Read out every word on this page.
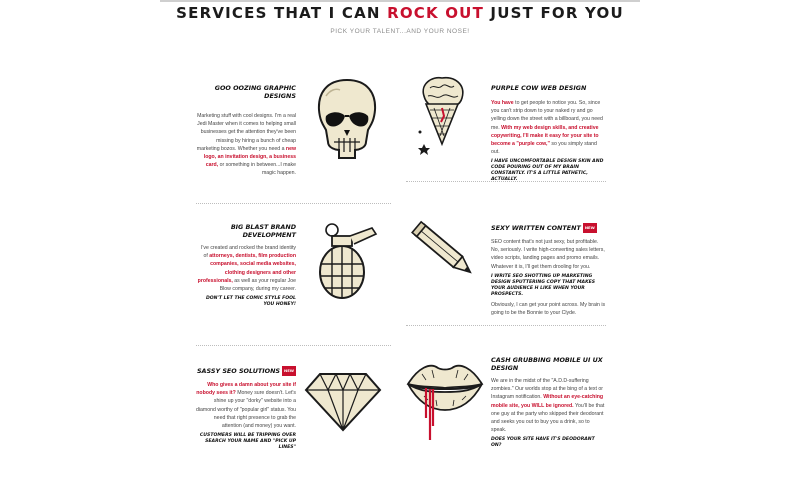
SERVICES THAT I CAN ROCK OUT JUST FOR YOU
PICK YOUR TALENT...AND YOUR NOSE!
GOO OOZING GRAPHIC DESIGNS

Marketing stuff with cool designs. I'm a real Jedi Master when it comes to helping small businesses get the attention they've been missing by hiring a bunch of cheap marketing bozos. Whether you need a new logo, an invitation design, a business card, or something in between...I make magic happen.

PURPLE COW WEB DESIGN

You have to get people to notice you. So, since you can't strip down to your naked ry and go yelling down the street with a billboard, you need me. With my web design skills, and creative copywriting, I'll make it easy for your site to become a "purple cow," so you simply stand out.

I HAVE UNCOMFORTABLE DESIGN SKIN AND CODE POURING OUT OF MY BRAIN CONSTANTLY. IT'S A LITTLE PATHETIC, ACTUALLY.
BIG BLAST BRAND DEVELOPMENT

I've created and rocked the brand identity of attorneys, dentists, film production companies, social media websites, clothing designers and other professionals, as well as your regular Joe Blow company, during my career.

DON'T LET THE COMIC STYLE FOOL YOU HONEY!
SEXY WRITTEN CONTENT NEW

SEO content that's not just sexy, but profitable. No, seriously. I write high-converting sales letters, video scripts, landing pages and promo emails. Whatever it is, I'll get them drooling for you.

I WRITE SEO SHOTTING UP MARKETING DESIGN SPUTTERING COPY THAT MAKES YOUR AUDIENCE H LIKE WHEN YOUR PROSPECTS.

Obviously, I can get your point across. My brain is going to be the Bonnie to your Clyde.

SASSY SEO SOLUTIONS NEW

Who gives a damn about your site if nobody sees it? Money sure doesn't. Let's shine up your "dorky" website into a diamond worthy of "popular girl" status. You need that right presence to grab the attention (and money) you want.

CUSTOMERS WILL BE TRIPPING OVER SEARCH YOUR NAME AND "PICK UP LINES"
CASH GRUBBING MOBILE UI UX DESIGN

We are in the midst of the "A.D.D-suffering zombies." Our worlds stop at the bing of a text or Instagram notification. Without an eye-catching mobile site, you WILL be ignored. You'll be that one guy at the party who skipped their deodorant and seeks you out to buy you a drink, so to speak.

DOES YOUR SITE HAVE IT'S DEODORANT ON?
